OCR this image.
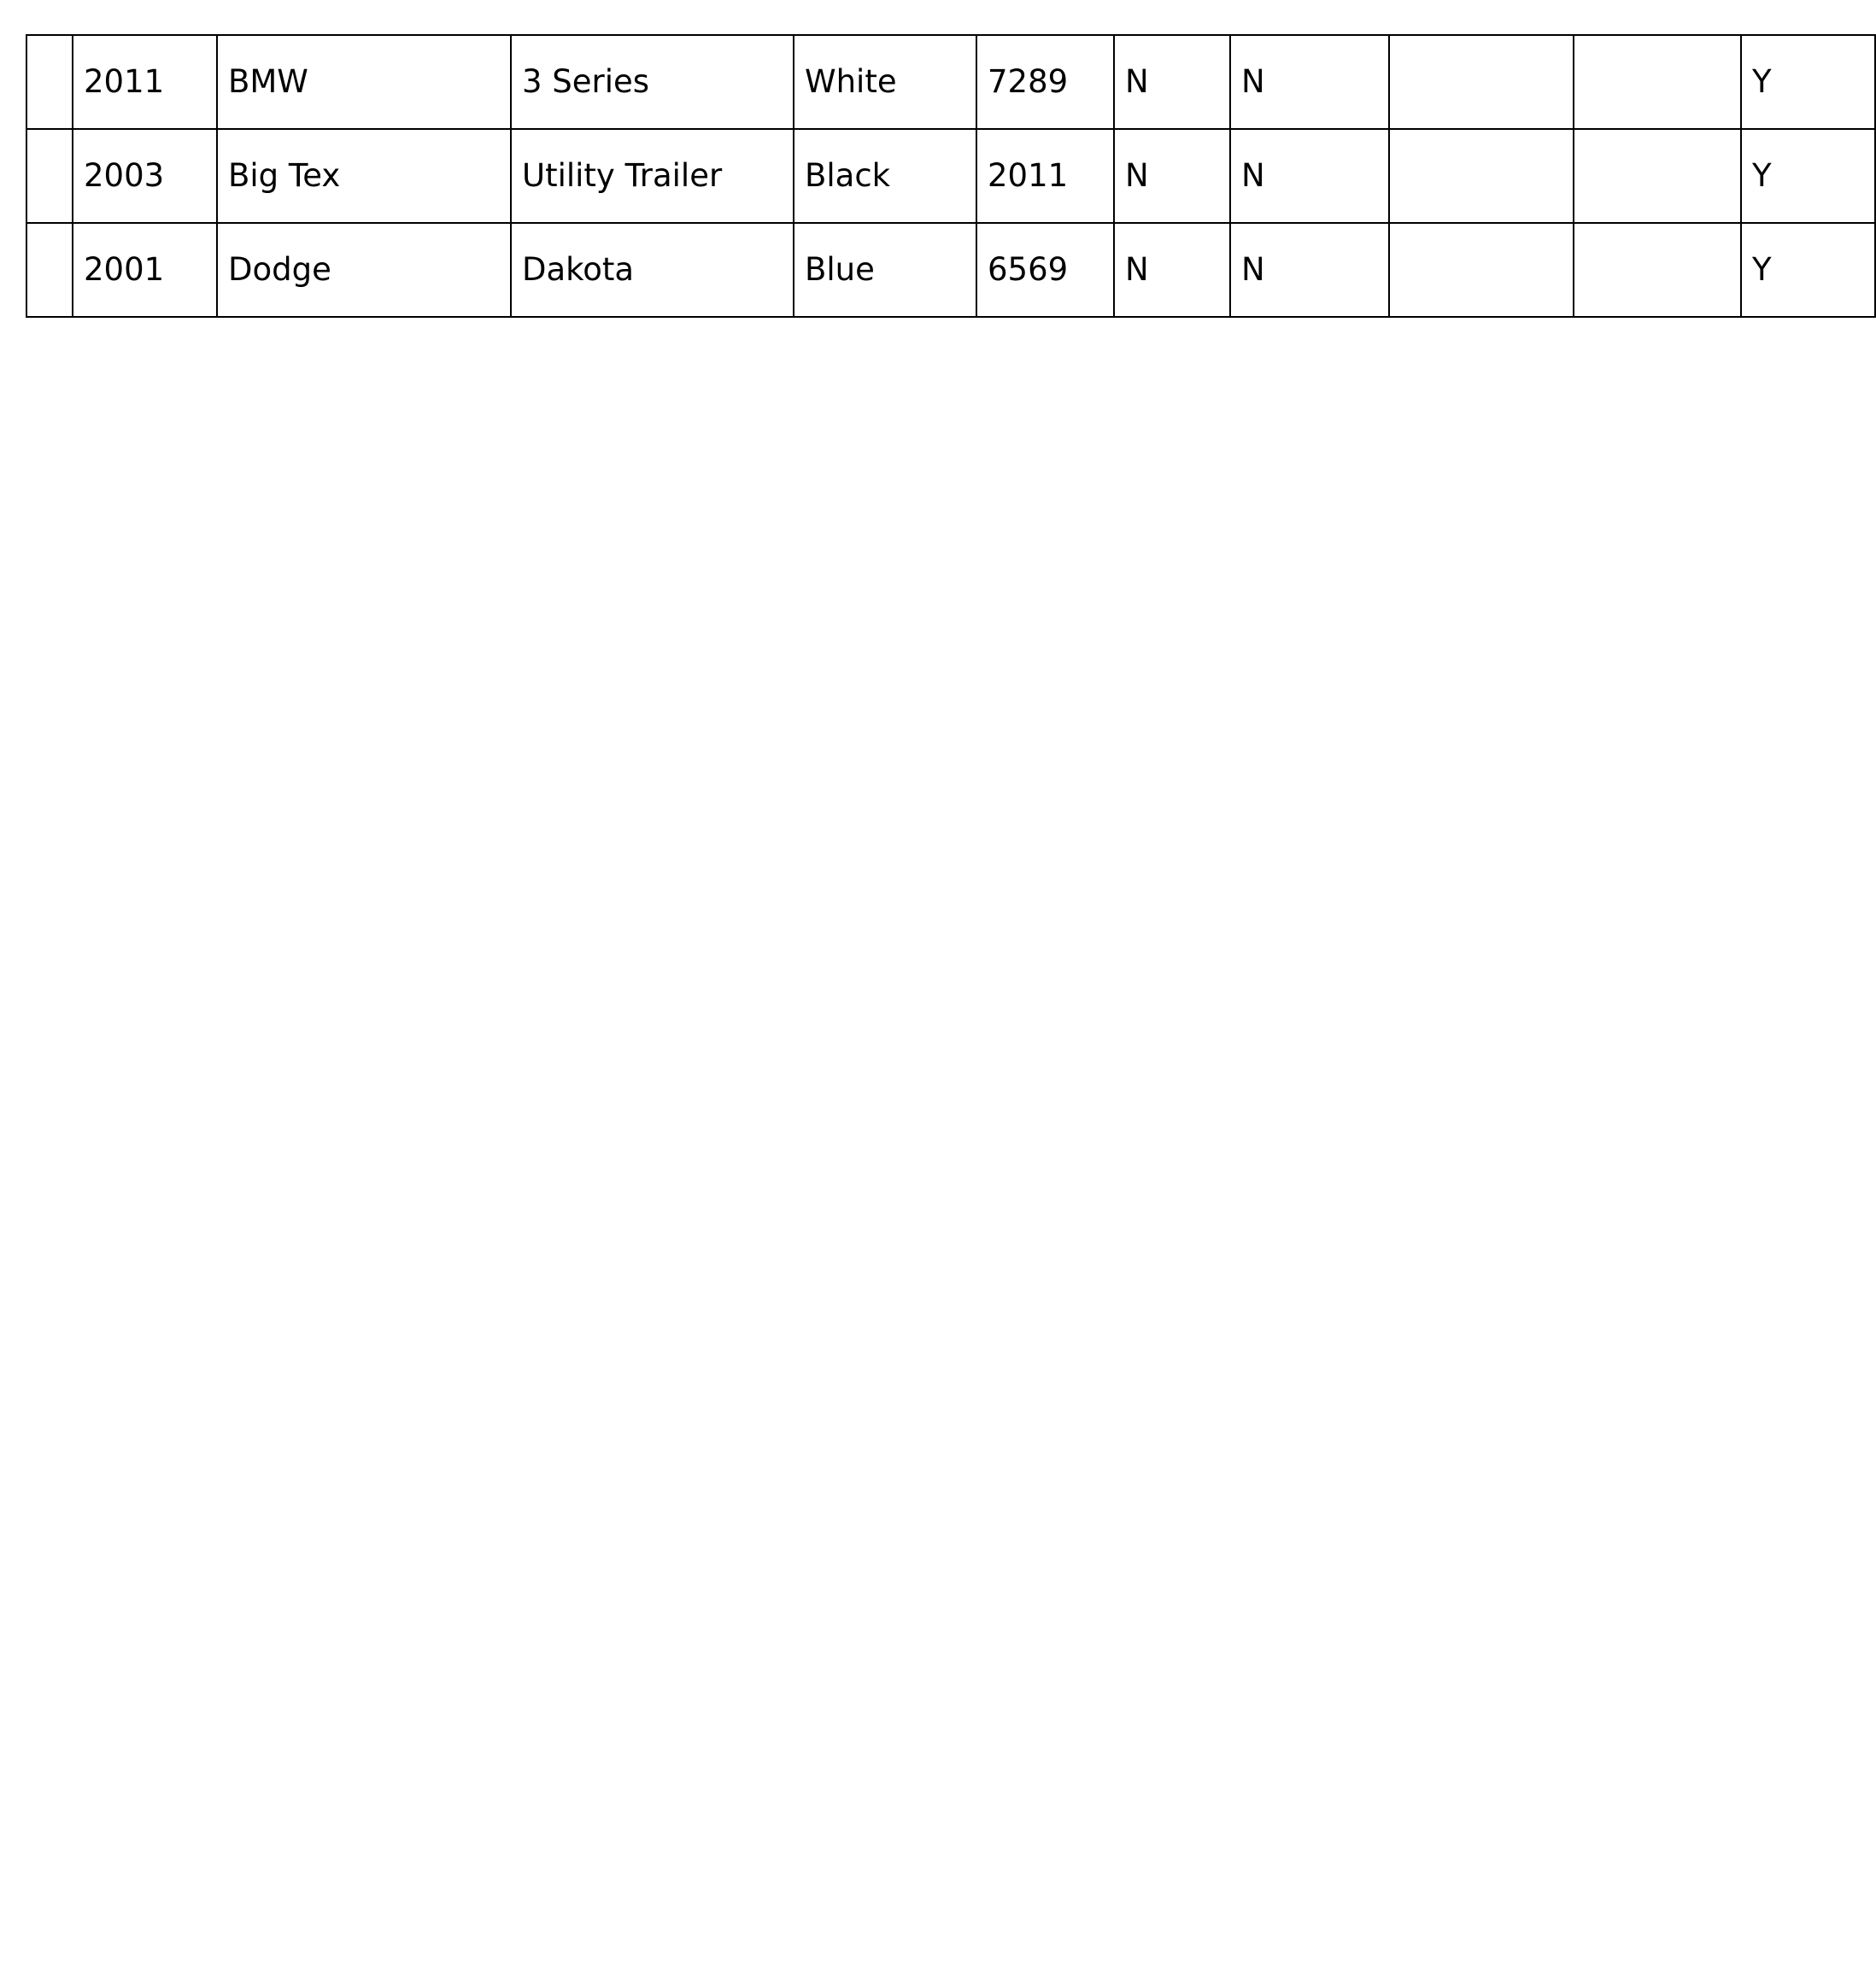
	2011	BMW	3 Series	White	7289	N	N			Y
	2003	Big Tex	Utility Trailer	Black	2011	N	N			Y
	2001	Dodge	Dakota	Blue	6569	N	N			Y
